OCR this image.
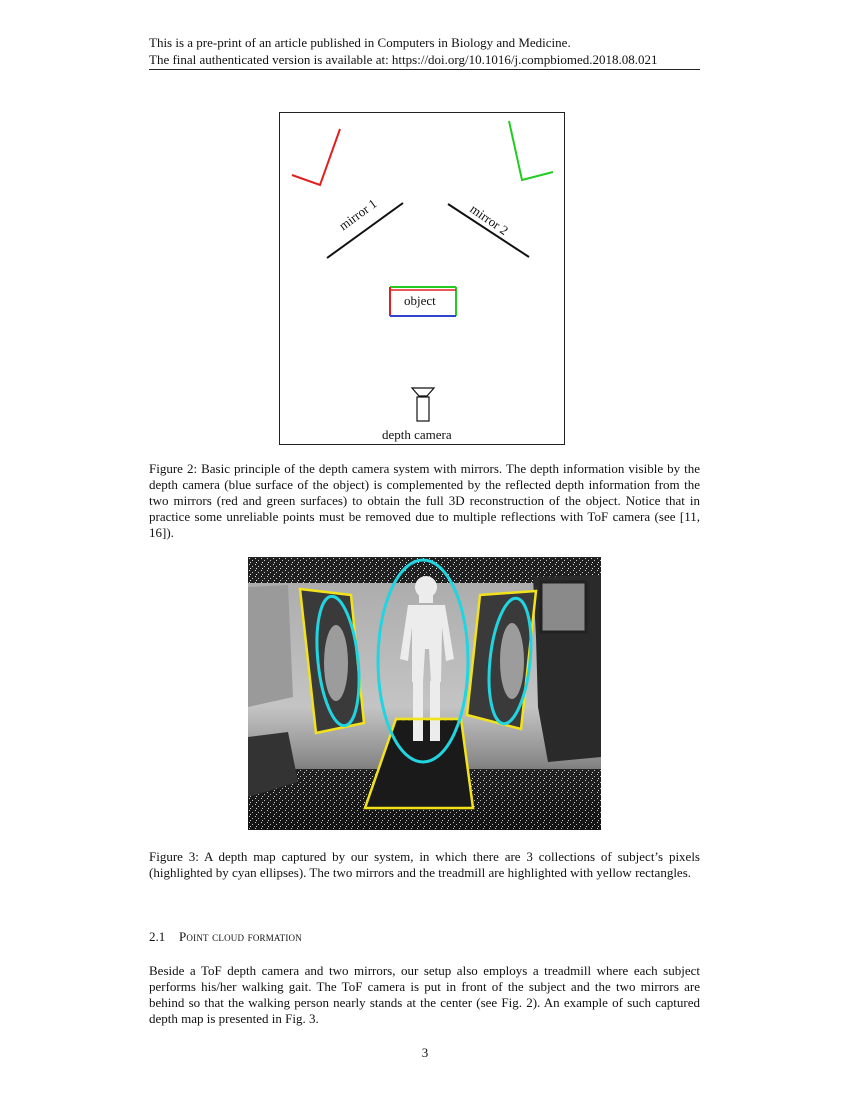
This is a pre-print of an article published in Computers in Biology and Medicine.
The final authenticated version is available at: https://doi.org/10.1016/j.compbiomed.2018.08.021
mirror 1	mirror 2
object
depth camera
Figure 2: Basic principle of the depth camera system with mirrors. The depth information visible by the depth camera (blue surface of the object) is complemented by the reflected depth information from the two mirrors (red and green surfaces) to obtain the full 3D reconstruction of the object. Notice that in practice some unreliable points must be removed due to multiple reflections with ToF camera (see [11, 16]).
Figure 3: A depth map captured by our system, in which there are 3 collections of subject’s pixels (highlighted by cyan ellipses). The two mirrors and the treadmill are highlighted with yellow rectangles.
2.1 Point cloud formation
Beside a ToF depth camera and two mirrors, our setup also employs a treadmill where each subject performs his/her walking gait. The ToF camera is put in front of the subject and the two mirrors are behind so that the walking person nearly stands at the center (see Fig. 2). An example of such captured depth map is presented in Fig. 3.
3
